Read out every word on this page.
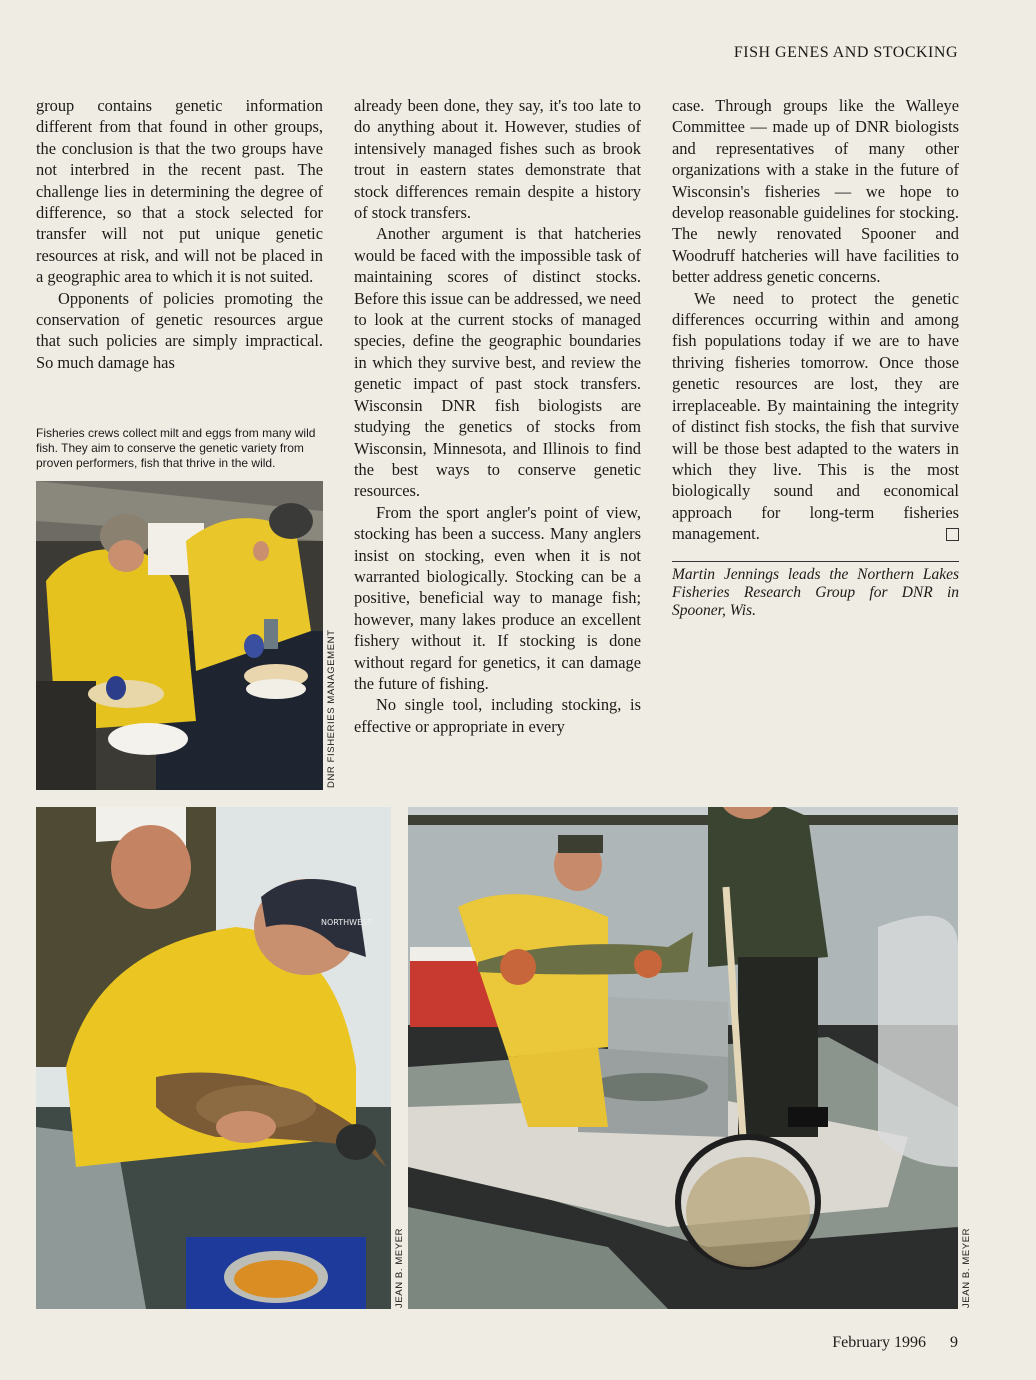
FISH GENES AND STOCKING

group contains genetic information different from that found in other groups, the conclusion is that the two groups have not interbred in the recent past. The challenge lies in determining the degree of difference, so that a stock selected for transfer will not put unique genetic resources at risk, and will not be placed in a geographic area to which it is not suited.

Opponents of policies promoting the conservation of genetic resources argue that such policies are simply impractical. So much damage has

Fisheries crews collect milt and eggs from many wild fish. They aim to conserve the genetic variety from proven performers, fish that thrive in the wild.
DNR FISHERIES MANAGEMENT

already been done, they say, it's too late to do anything about it. However, studies of intensively managed fishes such as brook trout in eastern states demonstrate that stock differences remain despite a history of stock transfers.

Another argument is that hatcheries would be faced with the impossible task of maintaining scores of distinct stocks. Before this issue can be addressed, we need to look at the current stocks of managed species, define the geographic boundaries in which they survive best, and review the genetic impact of past stock transfers. Wisconsin DNR fish biologists are studying the genetics of stocks from Wisconsin, Minnesota, and Illinois to find the best ways to conserve genetic resources.

From the sport angler's point of view, stocking has been a success. Many anglers insist on stocking, even when it is not warranted biologically. Stocking can be a positive, beneficial way to manage fish; however, many lakes produce an excellent fishery without it. If stocking is done without regard for genetics, it can damage the future of fishing.

No single tool, including stocking, is effective or appropriate in every

case. Through groups like the Walleye Committee — made up of DNR biologists and representatives of many other organizations with a stake in the future of Wisconsin's fisheries — we hope to develop reasonable guidelines for stocking. The newly renovated Spooner and Woodruff hatcheries will have facilities to better address genetic concerns.

We need to protect the genetic differences occurring within and among fish populations today if we are to have thriving fisheries tomorrow. Once those genetic resources are lost, they are irreplaceable. By maintaining the integrity of distinct fish stocks, the fish that survive will be those best adapted to the waters in which they live. This is the most biologically sound and economical approach for long-term fisheries management.

Martin Jennings leads the Northern Lakes Fisheries Research Group for DNR in Spooner, Wis.

NORTHWEST
JEAN B. MEYER	JEAN B. MEYER
February 1996 9
